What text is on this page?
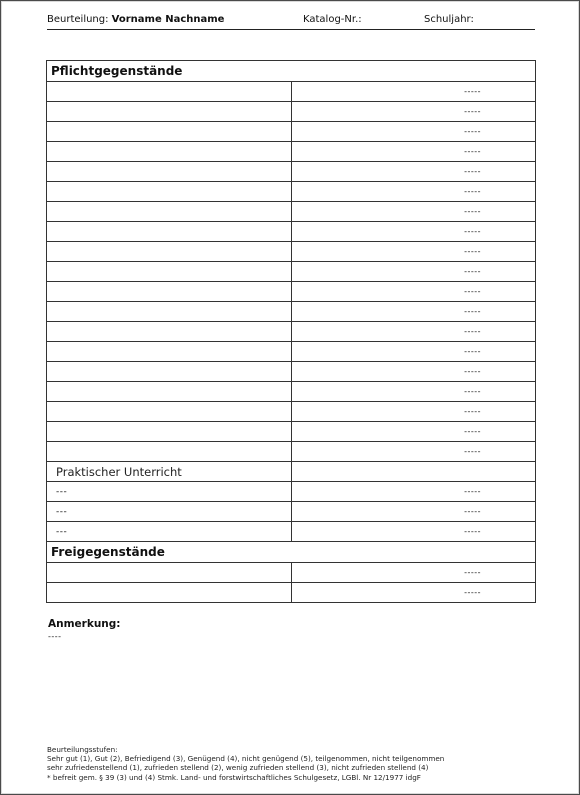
Beurteilung: Vorname Nachname	Katalog-Nr.:	Schuljahr:
Pflichtgegenstände	
	-----
	-----
	-----
	-----
	-----
	-----
	-----
	-----
	-----
	-----
	-----
	-----
	-----
	-----
	-----
	-----
	-----
	-----
	-----
Praktischer Unterricht	
---	-----
---	-----
---	-----
Freigegenstände	
	-----
	-----
Anmerkung:
----
Beurteilungsstufen:
Sehr gut (1), Gut (2), Befriedigend (3), Genügend (4), nicht genügend (5), teilgenommen, nicht teilgenommen
sehr zufriedenstellend (1), zufrieden stellend (2), wenig zufrieden stellend (3), nicht zufrieden stellend (4)
* befreit gem. § 39 (3) und (4) Stmk. Land- und forstwirtschaftliches Schulgesetz, LGBl. Nr 12/1977 idgF
